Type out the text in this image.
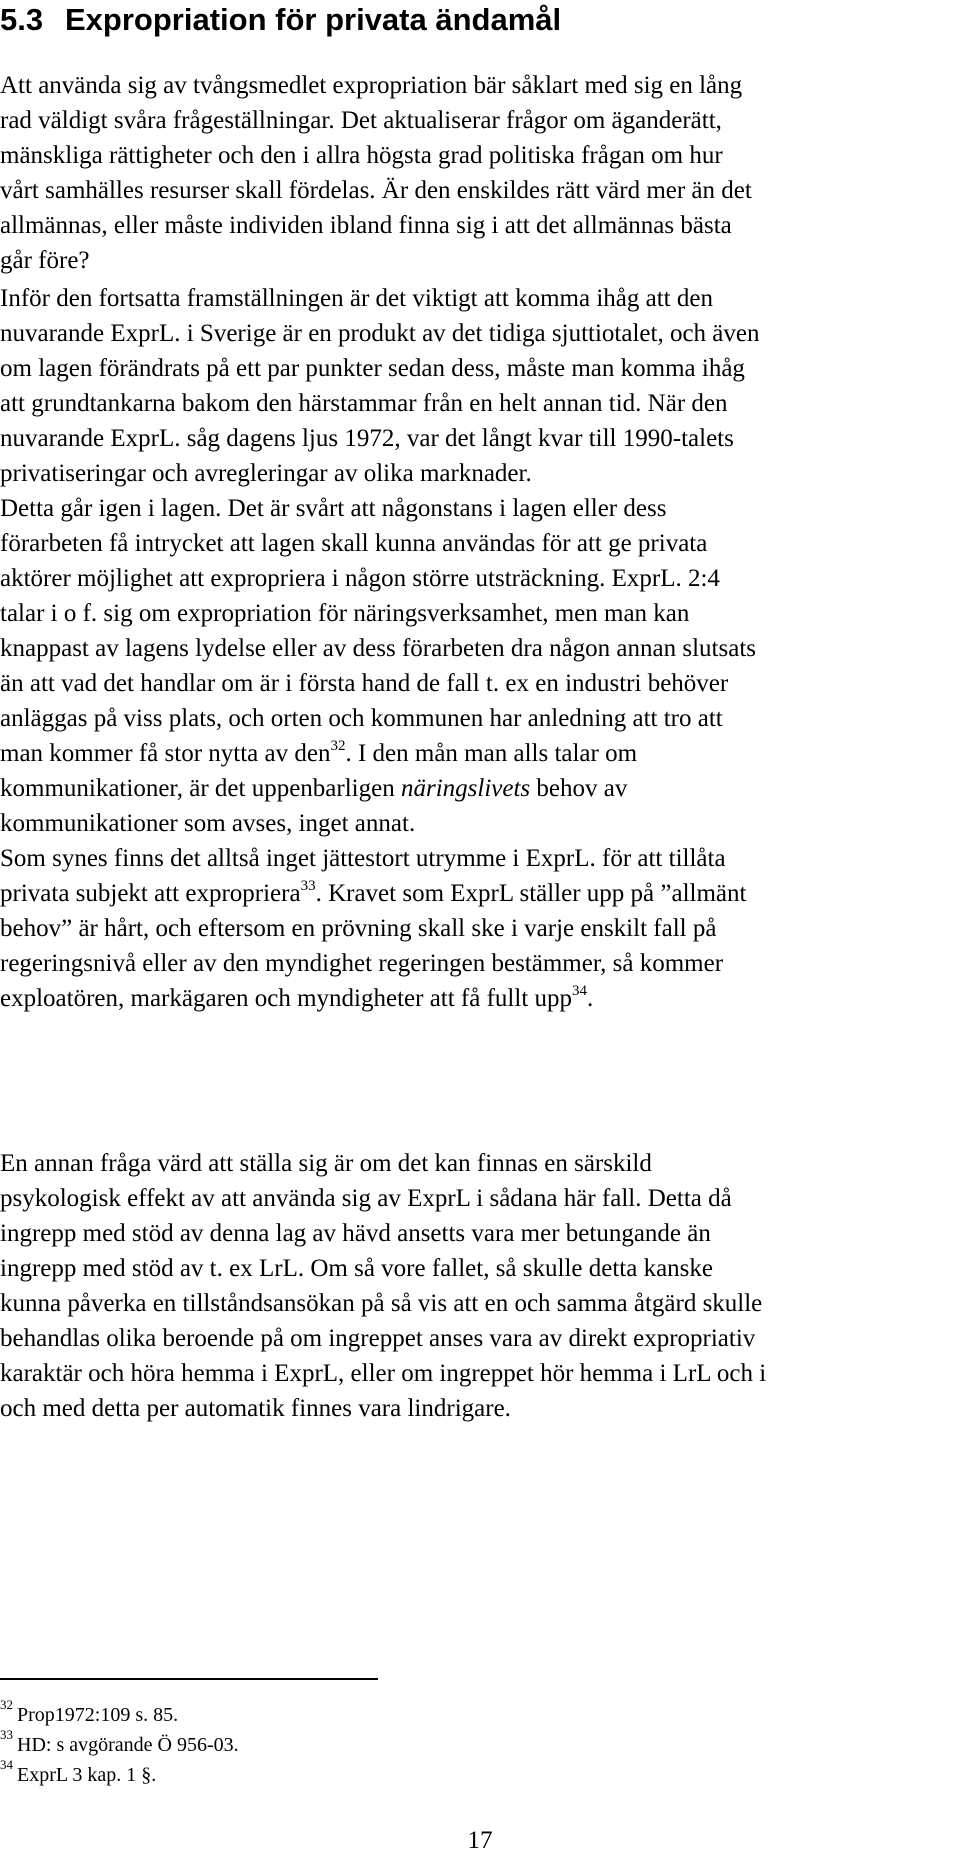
5.3 Expropriation för privata ändamål

Att använda sig av tvångsmedlet expropriation bär såklart med sig en lång
rad väldigt svåra frågeställningar. Det aktualiserar frågor om äganderätt,
mänskliga rättigheter och den i allra högsta grad politiska frågan om hur
vårt samhälles resurser skall fördelas. Är den enskildes rätt värd mer än det
allmännas, eller måste individen ibland finna sig i att det allmännas bästa
går före?

Inför den fortsatta framställningen är det viktigt att komma ihåg att den
nuvarande ExprL. i Sverige är en produkt av det tidiga sjuttiotalet, och även
om lagen förändrats på ett par punkter sedan dess, måste man komma ihåg
att grundtankarna bakom den härstammar från en helt annan tid. När den
nuvarande ExprL. såg dagens ljus 1972, var det långt kvar till 1990-talets
privatiseringar och avregleringar av olika marknader.
Detta går igen i lagen. Det är svårt att någonstans i lagen eller dess
förarbeten få intrycket att lagen skall kunna användas för att ge privata
aktörer möjlighet att expropriera i någon större utsträckning. ExprL. 2:4
talar i o f. sig om expropriation för näringsverksamhet, men man kan
knappast av lagens lydelse eller av dess förarbeten dra någon annan slutsats
än att vad det handlar om är i första hand de fall t. ex en industri behöver
anläggas på viss plats, och orten och kommunen har anledning att tro att
man kommer få stor nytta av den$^{32}$. I den mån man alls talar om
kommunikationer, är det uppenbarligen näringslivets behov av
kommunikationer som avses, inget annat.
Som synes finns det alltså inget jättestort utrymme i ExprL. för att tillåta
privata subjekt att expropriera$^{33}$. Kravet som ExprL ställer upp på ”allmänt
behov” är hårt, och eftersom en prövning skall ske i varje enskilt fall på
regeringsnivå eller av den myndighet regeringen bestämmer, så kommer
exploatören, markägaren och myndigheter att få fullt upp$^{34}$.

En annan fråga värd att ställa sig är om det kan finnas en särskild
psykologisk effekt av att använda sig av ExprL i sådana här fall. Detta då
ingrepp med stöd av denna lag av hävd ansetts vara mer betungande än
ingrepp med stöd av t. ex LrL. Om så vore fallet, så skulle detta kanske
kunna påverka en tillståndsansökan på så vis att en och samma åtgärd skulle
behandlas olika beroende på om ingreppet anses vara av direkt expropriativ
karaktär och höra hemma i ExprL, eller om ingreppet hör hemma i LrL och i
och med detta per automatik finnes vara lindrigare.

$^{32}$ Prop1972:109 s. 85.
$^{33}$ HD: s avgörande Ö 956-03.
$^{34}$ ExprL 3 kap. 1 §.
17
